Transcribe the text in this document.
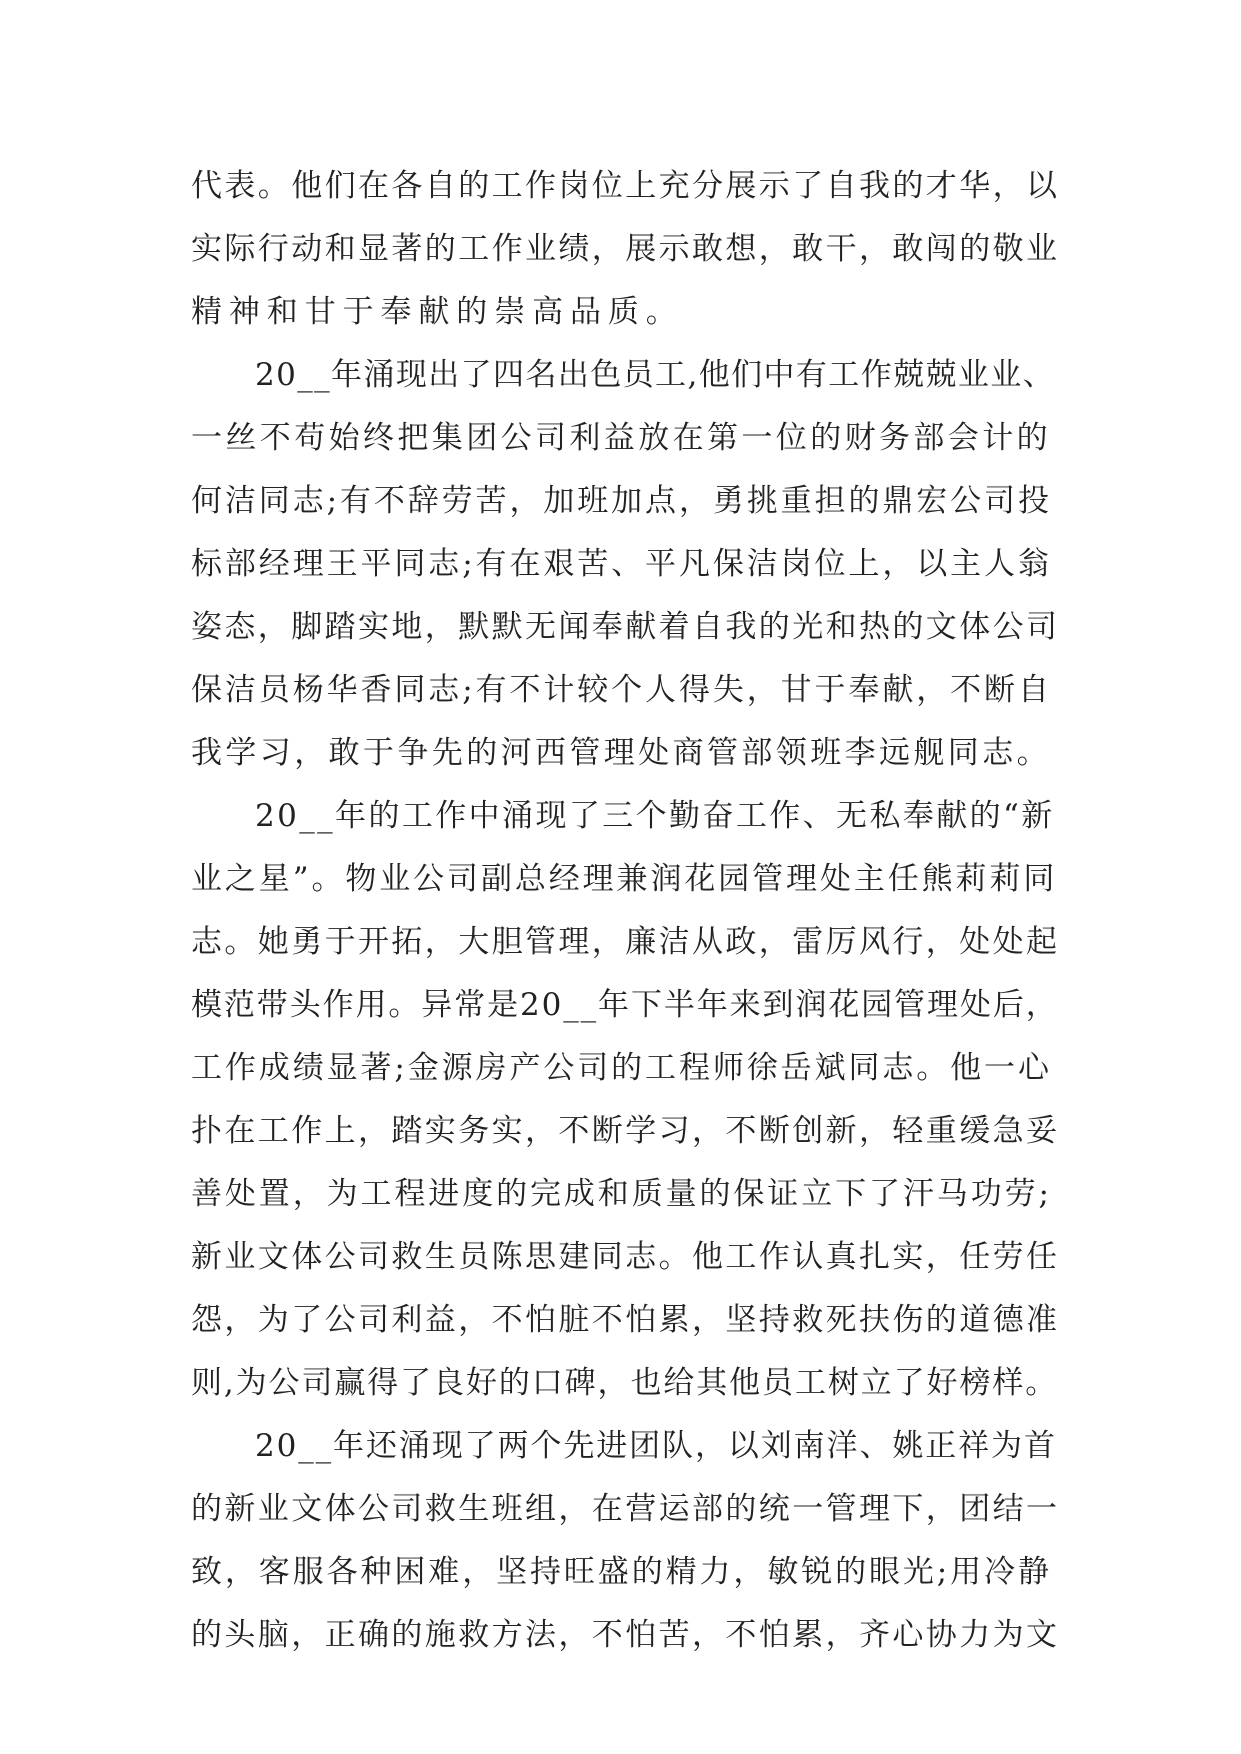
代表。他们在各自的工作岗位上充分展示了自我的才华，以
实际行动和显著的工作业绩，展示敢想，敢干，敢闯的敬业
精神和甘于奉献的崇高品质。
20__年涌现出了四名出色员工,他们中有工作兢兢业业、
一丝不苟始终把集团公司利益放在第一位的财务部会计的
何洁同志;有不辞劳苦，加班加点，勇挑重担的鼎宏公司投
标部经理王平同志;有在艰苦、平凡保洁岗位上，以主人翁
姿态，脚踏实地，默默无闻奉献着自我的光和热的文体公司
保洁员杨华香同志;有不计较个人得失，甘于奉献，不断自
我学习，敢于争先的河西管理处商管部领班李远舰同志。
20__年的工作中涌现了三个勤奋工作、无私奉献的“新
业之星”。物业公司副总经理兼润花园管理处主任熊莉莉同
志。她勇于开拓，大胆管理，廉洁从政，雷厉风行，处处起
模范带头作用。异常是20__年下半年来到润花园管理处后，
工作成绩显著;金源房产公司的工程师徐岳斌同志。他一心
扑在工作上，踏实务实，不断学习，不断创新，轻重缓急妥
善处置，为工程进度的完成和质量的保证立下了汗马功劳;
新业文体公司救生员陈思建同志。他工作认真扎实，任劳任
怨，为了公司利益，不怕脏不怕累，坚持救死扶伤的道德准
则,为公司赢得了良好的口碑，也给其他员工树立了好榜样。
20__年还涌现了两个先进团队，以刘南洋、姚正祥为首
的新业文体公司救生班组，在营运部的统一管理下，团结一
致，客服各种困难，坚持旺盛的精力，敏锐的眼光;用冷静
的头脑，正确的施救方法，不怕苦，不怕累，齐心协力为文
